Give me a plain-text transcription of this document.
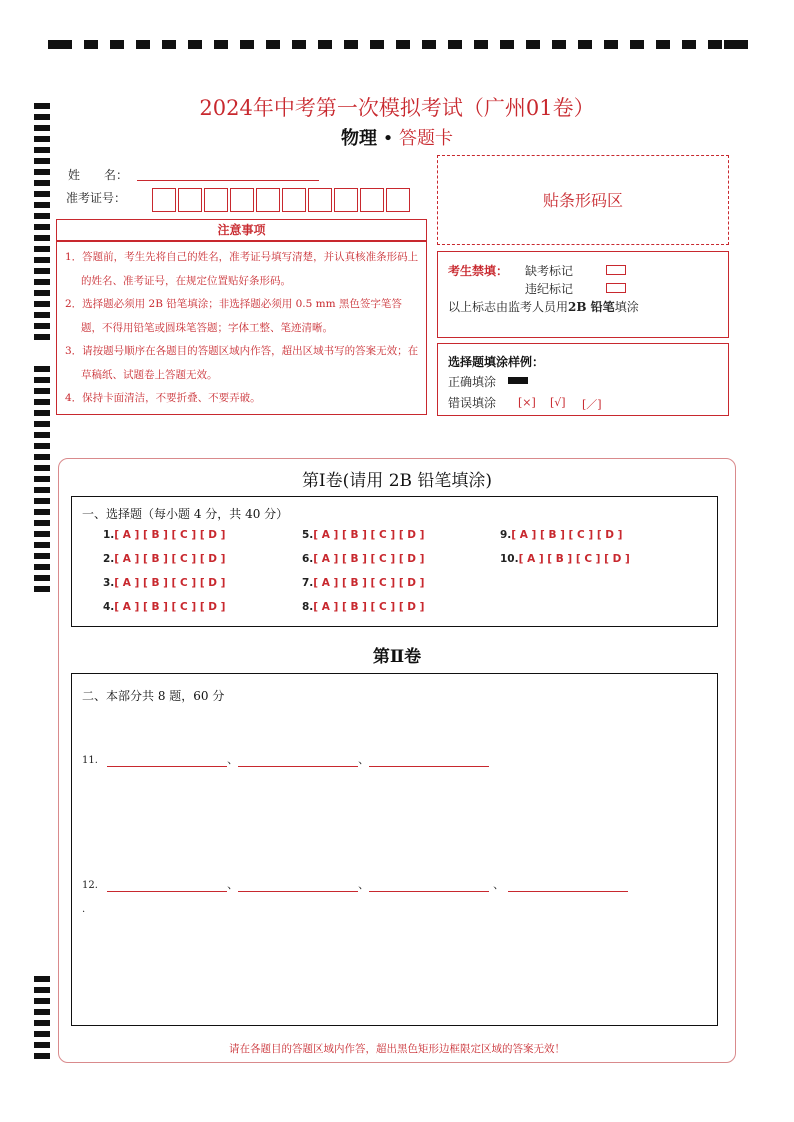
2024年中考第一次模拟考试（广州01卷）
物理 • 答题卡
姓　　名：
准考证号：	贴条形码区
注意事项
1．答题前，考生先将自己的姓名，准考证号填写清楚，并认真核准条形码上的姓名、准考证号，在规定位置贴好条形码。
2．选择题必须用 2B 铅笔填涂；非选择题必须用 0.5 mm 黑色签字笔答题，不得用铅笔或圆珠笔答题；字体工整、笔迹清晰。
3．请按题号顺序在各题目的答题区域内作答，超出区域书写的答案无效；在草稿纸、试题卷上答题无效。
4．保持卡面清洁，不要折叠、不要弄破。
考生禁填： 缺考标记
违纪标记
以上标志由监考人员用2B 铅笔填涂
选择题填涂样例：
正确填涂
错误填涂 [×] [√] [／]
第Ⅰ卷(请用 2B 铅笔填涂)
一、选择题（每小题 4 分，共 40 分）
1.[ A ] [ B ] [ C ] [ D ]
2.[ A ] [ B ] [ C ] [ D ]
3.[ A ] [ B ] [ C ] [ D ]
4.[ A ] [ B ] [ C ] [ D ]
5.[ A ] [ B ] [ C ] [ D ]
6.[ A ] [ B ] [ C ] [ D ]
7.[ A ] [ B ] [ C ] [ D ]
8.[ A ] [ B ] [ C ] [ D ]
9.[ A ] [ B ] [ C ] [ D ]
10.[ A ] [ B ] [ C ] [ D ]
第Ⅱ卷
二、本部分共 8 题，60 分
11.	、	、
12.	、	、	、
.
请在各题目的答题区域内作答，超出黑色矩形边框限定区域的答案无效！
